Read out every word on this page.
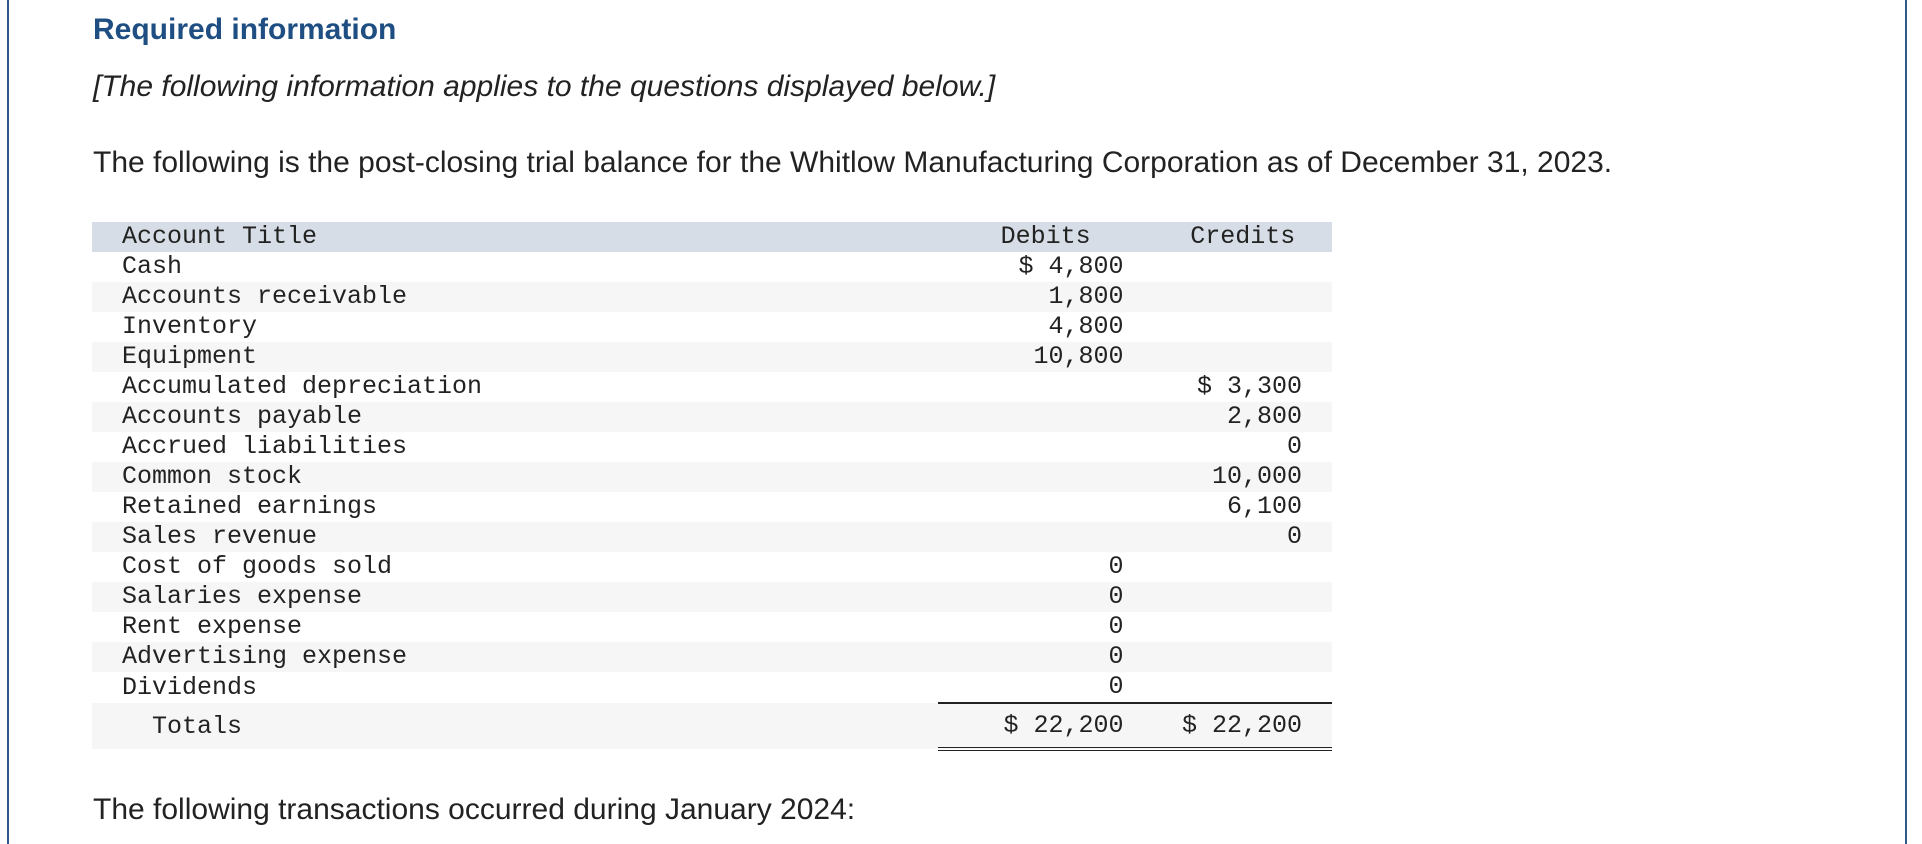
Required information
[The following information applies to the questions displayed below.]
The following is the post-closing trial balance for the Whitlow Manufacturing Corporation as of December 31, 2023.
Account Title	Debits	Credits
Cash	$ 4,800	
Accounts receivable	1,800	
Inventory	4,800	
Equipment	10,800	
Accumulated depreciation		$ 3,300
Accounts payable		2,800
Accrued liabilities		0
Common stock		10,000
Retained earnings		6,100
Sales revenue		0
Cost of goods sold	0	
Salaries expense	0	
Rent expense	0	
Advertising expense	0	
Dividends	0	
Totals	$ 22,200	$ 22,200
The following transactions occurred during January 2024:
